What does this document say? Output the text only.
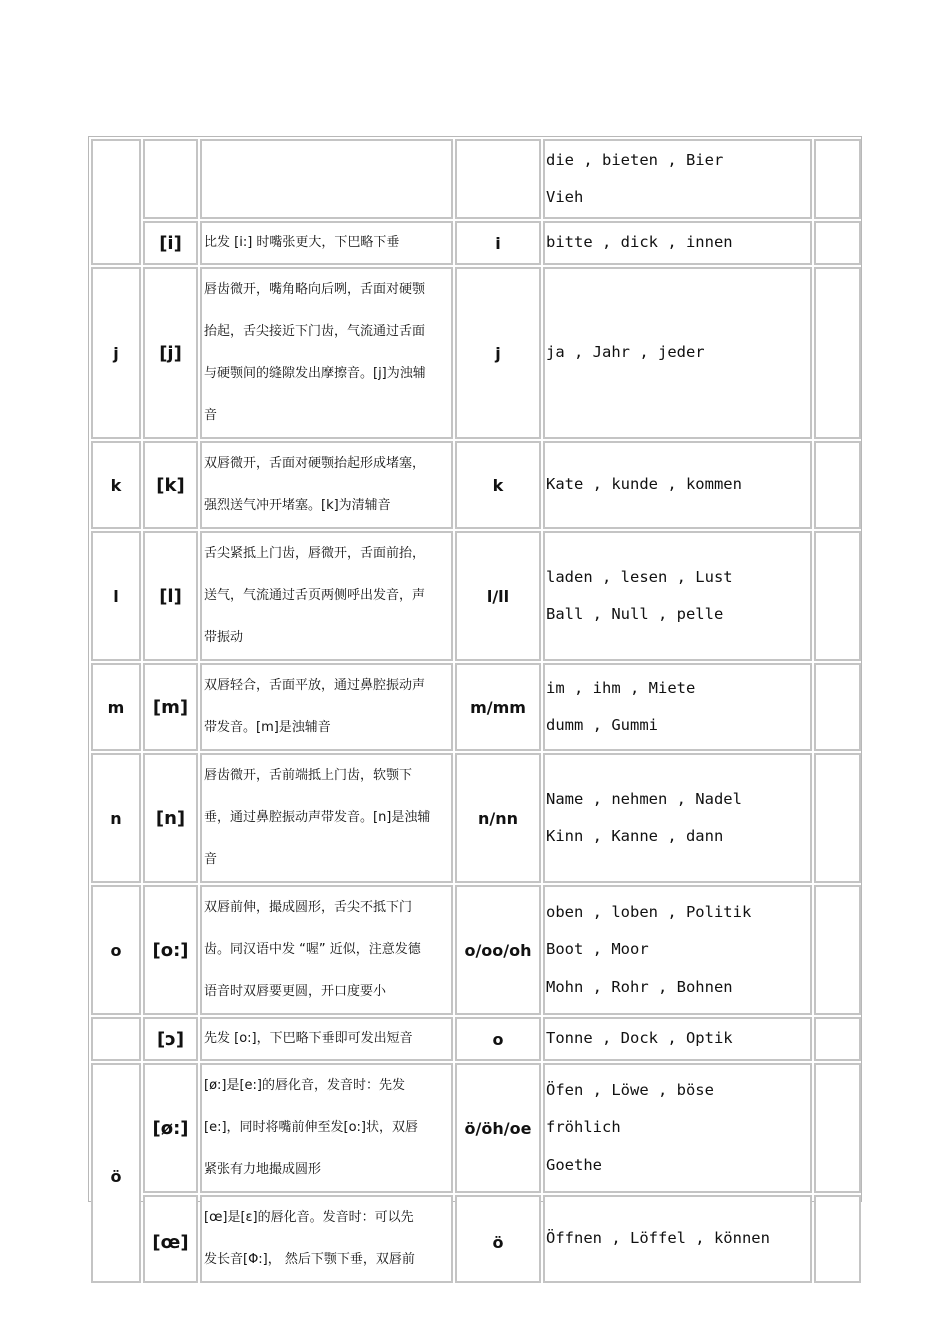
				die , bieten , Bier
Vieh	

	[i]	比发 [i:] 时嘴张更大，下巴略下垂	i	bitte , dick , innen	

j	[j]	唇齿微开，嘴角略向后咧，舌面对硬颚
抬起，舌尖接近下门齿，气流通过舌面
与硬颚间的缝隙发出摩擦音。[j]为浊辅
音	j	ja , Jahr , jeder	

k	[k]	双唇微开，舌面对硬颚抬起形成堵塞，
强烈送气冲开堵塞。[k]为清辅音	k	Kate , kunde , kommen	

l	[l]	舌尖紧抵上门齿，唇微开，舌面前抬，
送气，气流通过舌页两侧呼出发音，声
带振动	l/ll	laden , lesen , Lust
Ball , Null , pelle	

m	[m]	双唇轻合，舌面平放，通过鼻腔振动声
带发音。[m]是浊辅音	m/mm	im , ihm , Miete
dumm , Gummi	

n	[n]	唇齿微开，舌前端抵上门齿，软颚下
垂，通过鼻腔振动声带发音。[n]是浊辅
音	n/nn	Name , nehmen , Nadel
Kinn , Kanne , dann	

o	[o:]	双唇前伸，撮成圆形，舌尖不抵下门
齿。同汉语中发 “喔” 近似，注意发德
语音时双唇要更圆，开口度要小	o/oo/oh	oben , loben , Politik
Boot , Moor
Mohn , Rohr , Bohnen	

	[ɔ]	先发 [o:]，下巴略下垂即可发出短音	o	Tonne , Dock , Optik	

ö	[ø:]	[ø:]是[e:]的唇化音，发音时：先发
[e:]，同时将嘴前伸至发[o:]状，双唇
紧张有力地撮成圆形	ö/öh/oe	Öfen , Löwe , böse
fröhlich
Goethe	

	[œ]	[œ]是[ɛ]的唇化音。发音时：可以先
发长音[Φ:]， 然后下颚下垂，双唇前	ö	Öffnen , Löffel , können	
